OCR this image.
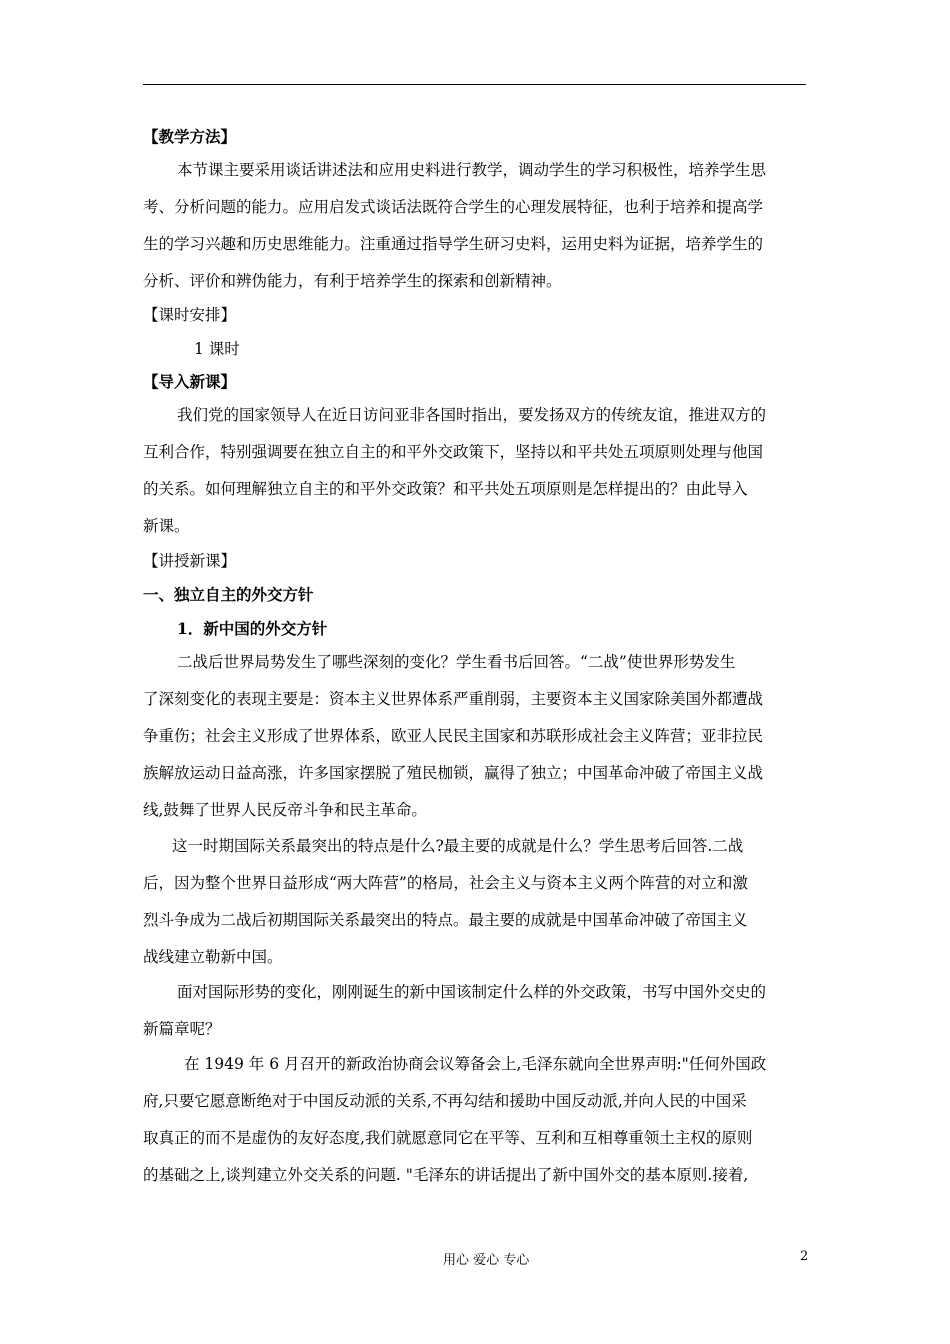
【教学方法】
本节课主要采用谈话讲述法和应用史料进行教学，调动学生的学习积极性，培养学生思
考、分析问题的能力。应用启发式谈话法既符合学生的心理发展特征，也利于培养和提高学
生的学习兴趣和历史思维能力。注重通过指导学生研习史料，运用史料为证据，培养学生的
分析、评价和辨伪能力，有利于培养学生的探索和创新精神。
【课时安排】
1 课时
【导入新课】
我们党的国家领导人在近日访问亚非各国时指出，要发扬双方的传统友谊，推进双方的
互利合作，特别强调要在独立自主的和平外交政策下，坚持以和平共处五项原则处理与他国
的关系。如何理解独立自主的和平外交政策？和平共处五项原则是怎样提出的？由此导入
新课。
【讲授新课】
一、独立自主的外交方针
1．新中国的外交方针
二战后世界局势发生了哪些深刻的变化？学生看书后回答。“二战”使世界形势发生
了深刻变化的表现主要是：资本主义世界体系严重削弱，主要资本主义国家除美国外都遭战
争重伤；社会主义形成了世界体系，欧亚人民民主国家和苏联形成社会主义阵营；亚非拉民
族解放运动日益高涨，许多国家摆脱了殖民枷锁，赢得了独立；中国革命冲破了帝国主义战
线,鼓舞了世界人民反帝斗争和民主革命。
这一时期国际关系最突出的特点是什么?最主要的成就是什么？学生思考后回答.二战
后，因为整个世界日益形成“两大阵营”的格局，社会主义与资本主义两个阵营的对立和激
烈斗争成为二战后初期国际关系最突出的特点。最主要的成就是中国革命冲破了帝国主义
战线建立勒新中国。
面对国际形势的变化，刚刚诞生的新中国该制定什么样的外交政策，书写中国外交史的
新篇章呢？
在 1949 年 6 月召开的新政治协商会议筹备会上,毛泽东就向全世界声明:"任何外国政
府,只要它愿意断绝对于中国反动派的关系,不再勾结和援助中国反动派,并向人民的中国采
取真正的而不是虚伪的友好态度,我们就愿意同它在平等、互利和互相尊重领土主权的原则
的基础之上,谈判建立外交关系的问题. "毛泽东的讲话提出了新中国外交的基本原则.接着,
用心 爱心 专心	2
